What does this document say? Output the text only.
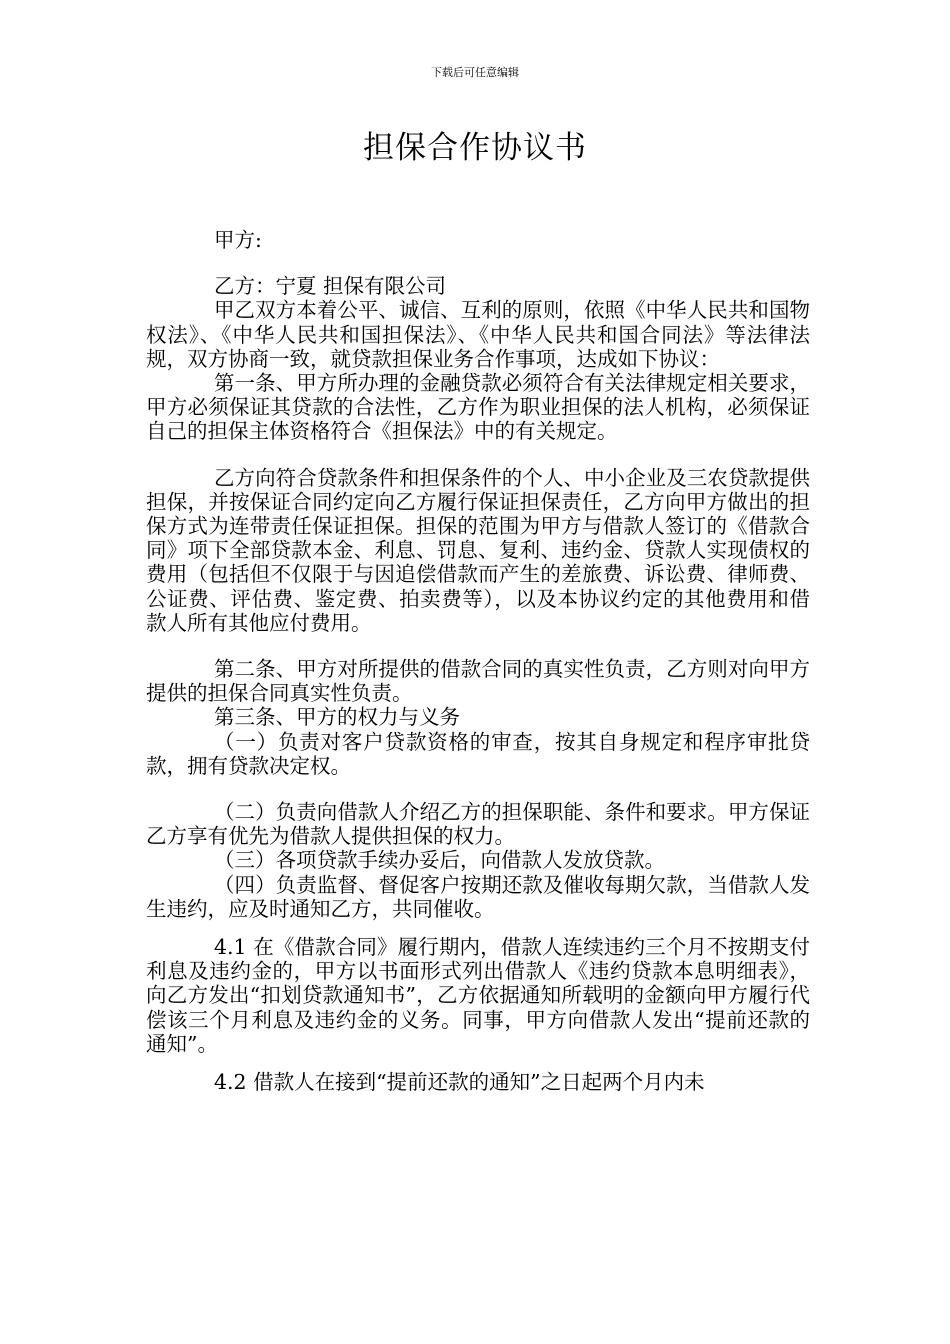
下载后可任意编辑
担保合作协议书

甲方:

乙方：宁夏 担保有限公司

甲乙双方本着公平、诚信、互利的原则，依照《中华人民共和国物权法》、《中华人民共和国担保法》、《中华人民共和国合同法》等法律法规，双方协商一致，就贷款担保业务合作事项，达成如下协议：

第一条、甲方所办理的金融贷款必须符合有关法律规定相关要求，甲方必须保证其贷款的合法性，乙方作为职业担保的法人机构，必须保证自己的担保主体资格符合《担保法》中的有关规定。

乙方向符合贷款条件和担保条件的个人、中小企业及三农贷款提供担保，并按保证合同约定向乙方履行保证担保责任，乙方向甲方做出的担保方式为连带责任保证担保。担保的范围为甲方与借款人签订的《借款合同》项下全部贷款本金、利息、罚息、复利、违约金、贷款人实现债权的费用（包括但不仅限于与因追偿借款而产生的差旅费、诉讼费、律师费、公证费、评估费、鉴定费、拍卖费等），以及本协议约定的其他费用和借款人所有其他应付费用。

第二条、甲方对所提供的借款合同的真实性负责，乙方则对向甲方提供的担保合同真实性负责。

第三条、甲方的权力与义务

（一）负责对客户贷款资格的审查，按其自身规定和程序审批贷款，拥有贷款决定权。

（二）负责向借款人介绍乙方的担保职能、条件和要求。甲方保证乙方享有优先为借款人提供担保的权力。

（三）各项贷款手续办妥后，向借款人发放贷款。

（四）负责监督、督促客户按期还款及催收每期欠款，当借款人发生违约，应及时通知乙方，共同催收。

4.1 在《借款合同》履行期内，借款人连续违约三个月不按期支付利息及违约金的，甲方以书面形式列出借款人《违约贷款本息明细表》，向乙方发出“扣划贷款通知书”，乙方依据通知所载明的金额向甲方履行代偿该三个月利息及违约金的义务。同事，甲方向借款人发出“提前还款的通知”。

4.2 借款人在接到“提前还款的通知”之日起两个月内未
